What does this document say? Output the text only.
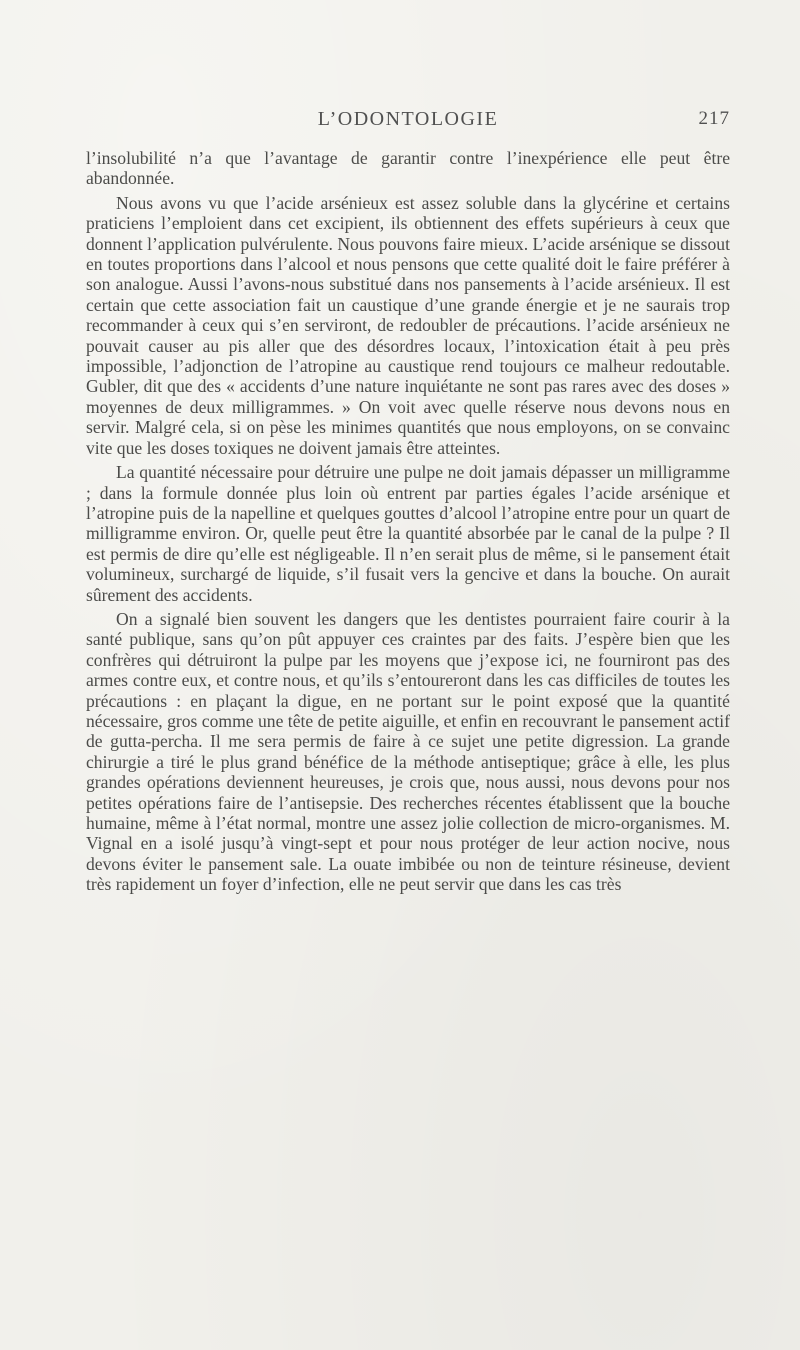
L’ODONTOLOGIE	217

l’insolubilité n’a que l’avantage de garantir contre l’inexpérience elle peut être abandonnée.

Nous avons vu que l’acide arsénieux est assez soluble dans la glycérine et certains praticiens l’emploient dans cet excipient, ils obtiennent des effets supérieurs à ceux que donnent l’application pulvérulente. Nous pouvons faire mieux. L’acide arsénique se dissout en toutes proportions dans l’alcool et nous pensons que cette qualité doit le faire préférer à son analogue. Aussi l’avons-nous substitué dans nos pansements à l’acide arsénieux. Il est certain que cette association fait un caustique d’une grande énergie et je ne saurais trop recommander à ceux qui s’en serviront, de redoubler de précautions. l’acide arsénieux ne pouvait causer au pis aller que des désordres locaux, l’intoxication était à peu près impossible, l’adjonction de l’atropine au caustique rend toujours ce malheur redoutable. Gubler, dit que des « accidents d’une nature inquiétante ne sont pas rares avec des doses » moyennes de deux milligrammes. » On voit avec quelle réserve nous devons nous en servir. Malgré cela, si on pèse les minimes quantités que nous employons, on se convainc vite que les doses toxiques ne doivent jamais être atteintes.

La quantité nécessaire pour détruire une pulpe ne doit jamais dépasser un milligramme ; dans la formule donnée plus loin où entrent par parties égales l’acide arsénique et l’atropine puis de la napelline et quelques gouttes d’alcool l’atropine entre pour un quart de milligramme environ. Or, quelle peut être la quantité absorbée par le canal de la pulpe ? Il est permis de dire qu’elle est négligeable. Il n’en serait plus de même, si le pansement était volumineux, surchargé de liquide, s’il fusait vers la gencive et dans la bouche. On aurait sûrement des accidents.

On a signalé bien souvent les dangers que les dentistes pourraient faire courir à la santé publique, sans qu’on pût appuyer ces craintes par des faits. J’espère bien que les confrères qui détruiront la pulpe par les moyens que j’expose ici, ne fourniront pas des armes contre eux, et contre nous, et qu’ils s’entoureront dans les cas difficiles de toutes les précautions : en plaçant la digue, en ne portant sur le point exposé que la quantité nécessaire, gros comme une tête de petite aiguille, et enfin en recouvrant le pansement actif de gutta-percha. Il me sera permis de faire à ce sujet une petite digression. La grande chirurgie a tiré le plus grand bénéfice de la méthode antiseptique; grâce à elle, les plus grandes opérations deviennent heureuses, je crois que, nous aussi, nous devons pour nos petites opérations faire de l’antisepsie. Des recherches récentes établissent que la bouche humaine, même à l’état normal, montre une assez jolie collection de micro-organismes. M. Vignal en a isolé jusqu’à vingt-sept et pour nous protéger de leur action nocive, nous devons éviter le pansement sale. La ouate imbibée ou non de teinture résineuse, devient très rapidement un foyer d’infection, elle ne peut servir que dans les cas très
